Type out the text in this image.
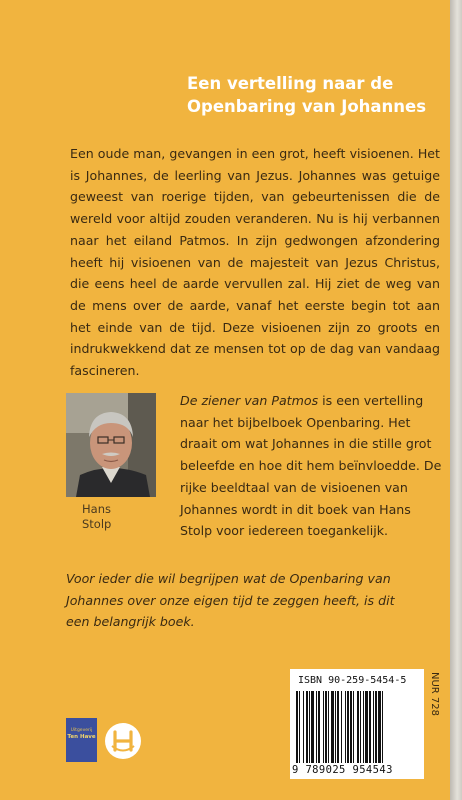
Een vertelling naar de
Openbaring van Johannes
Een oude man, gevangen in een grot, heeft visioenen. Het is Johannes, de leerling van Jezus. Johannes was getuige geweest van roerige tijden, van gebeurtenissen die de wereld voor altijd zouden veranderen. Nu is hij verbannen naar het eiland Patmos. In zijn gedwongen afzondering heeft hij visioenen van de majesteit van Jezus Christus, die eens heel de aarde vervullen zal. Hij ziet de weg van de mens over de aarde, vanaf het eerste begin tot aan het einde van de tijd. Deze visioenen zijn zo groots en indrukwekkend dat ze mensen tot op de dag van vandaag fascineren.
Hans
Stolp
De ziener van Patmos is een vertelling
naar het bijbelboek Openbaring. Het
draait om wat Johannes in die stille grot
beleefde en hoe dit hem beïnvloedde. De
rijke beeldtaal van de visioenen van
Johannes wordt in dit boek van Hans
Stolp voor iedereen toegankelijk.
Voor ieder die wil begrijpen wat de Openbaring van
Johannes over onze eigen tijd te zeggen heeft, is dit
een belangrijk boek.
ISBN 90-259-5454-5
9 789025 954543
NUR 728
Uitgeverij
Ten Have
